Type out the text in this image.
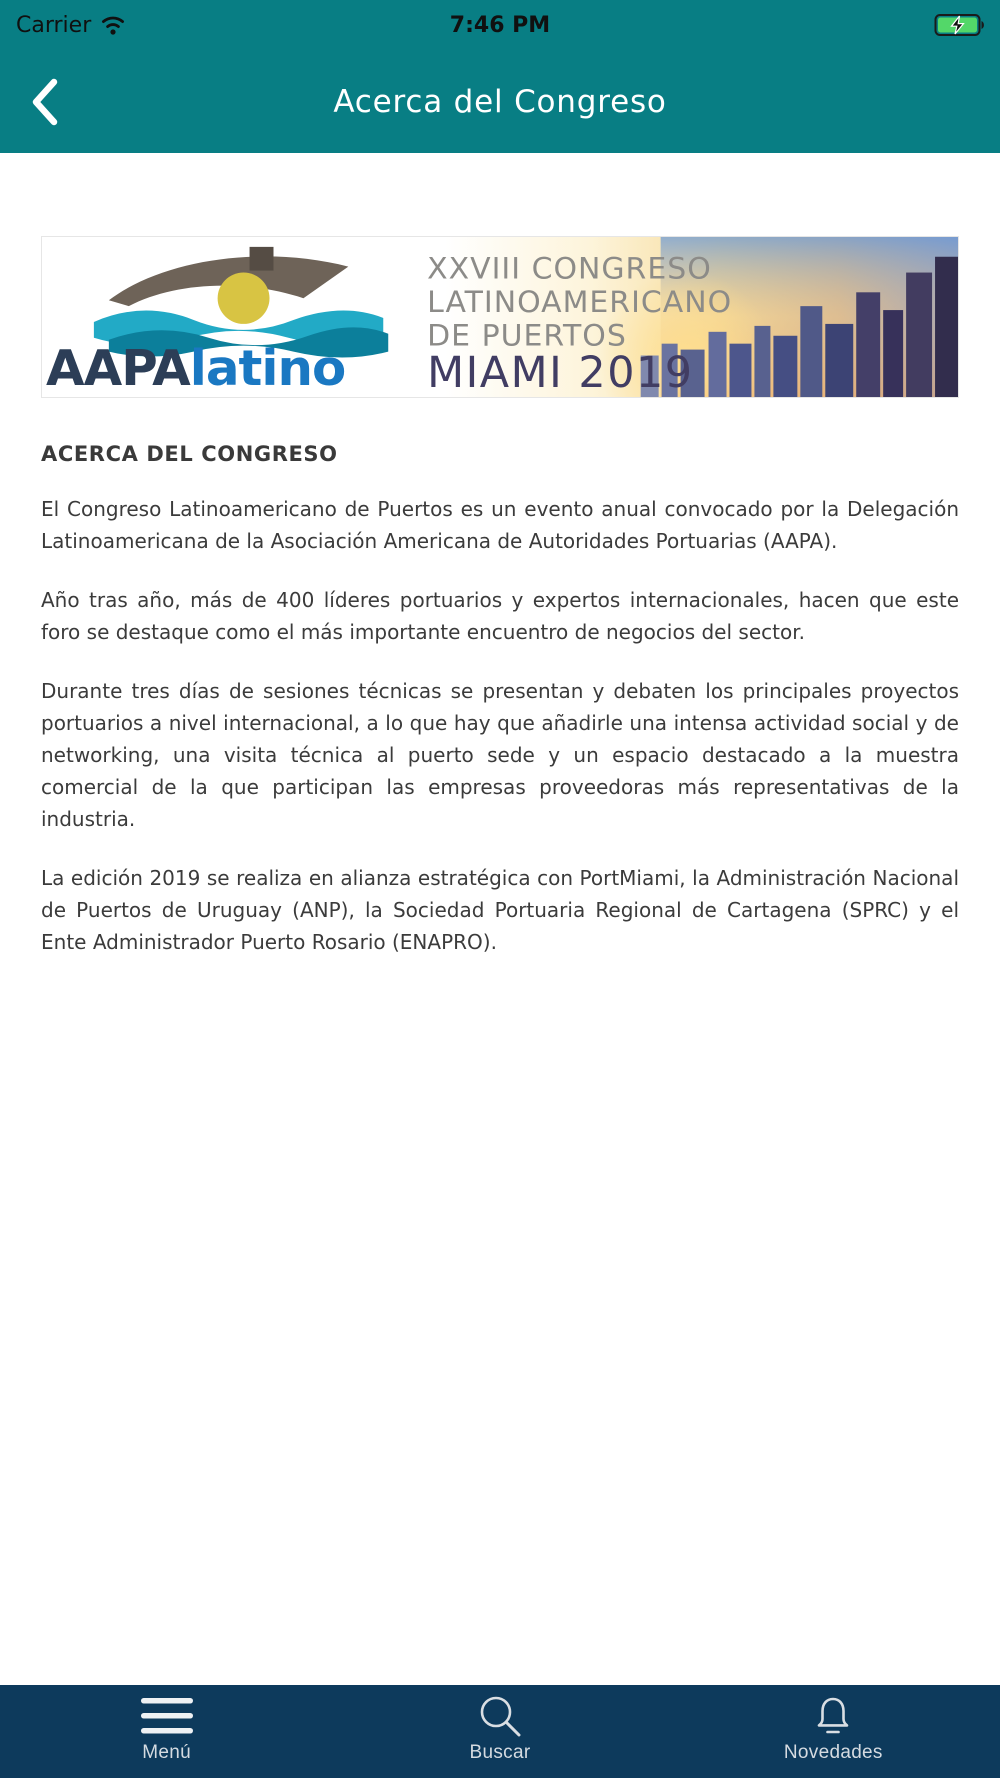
Carrier	7:46 PM
Acerca del Congreso
AAPAlatino
XXVIII CONGRESO
LATINOAMERICANO
DE PUERTOS
MIAMI 2019
ACERCA DEL CONGRESO

El Congreso Latinoamericano de Puertos es un evento anual convocado por la Delegación Latinoamericana de la Asociación Americana de Autoridades Portuarias (AAPA).

Año tras año, más de 400 líderes portuarios y expertos internacionales, hacen que este foro se destaque como el más importante encuentro de negocios del sector.

Durante tres días de sesiones técnicas se presentan y debaten los principales proyectos portuarios a nivel internacional, a lo que hay que añadirle una intensa actividad social y de networking, una visita técnica al puerto sede y un espacio destacado a la muestra comercial de la que participan las empresas proveedoras más representativas de la industria.

La edición 2019 se realiza en alianza estratégica con PortMiami, la Administración Nacional de Puertos de Uruguay (ANP), la Sociedad Portuaria Regional de Cartagena (SPRC) y el Ente Administrador Puerto Rosario (ENAPRO).

Menú	Buscar	Novedades
